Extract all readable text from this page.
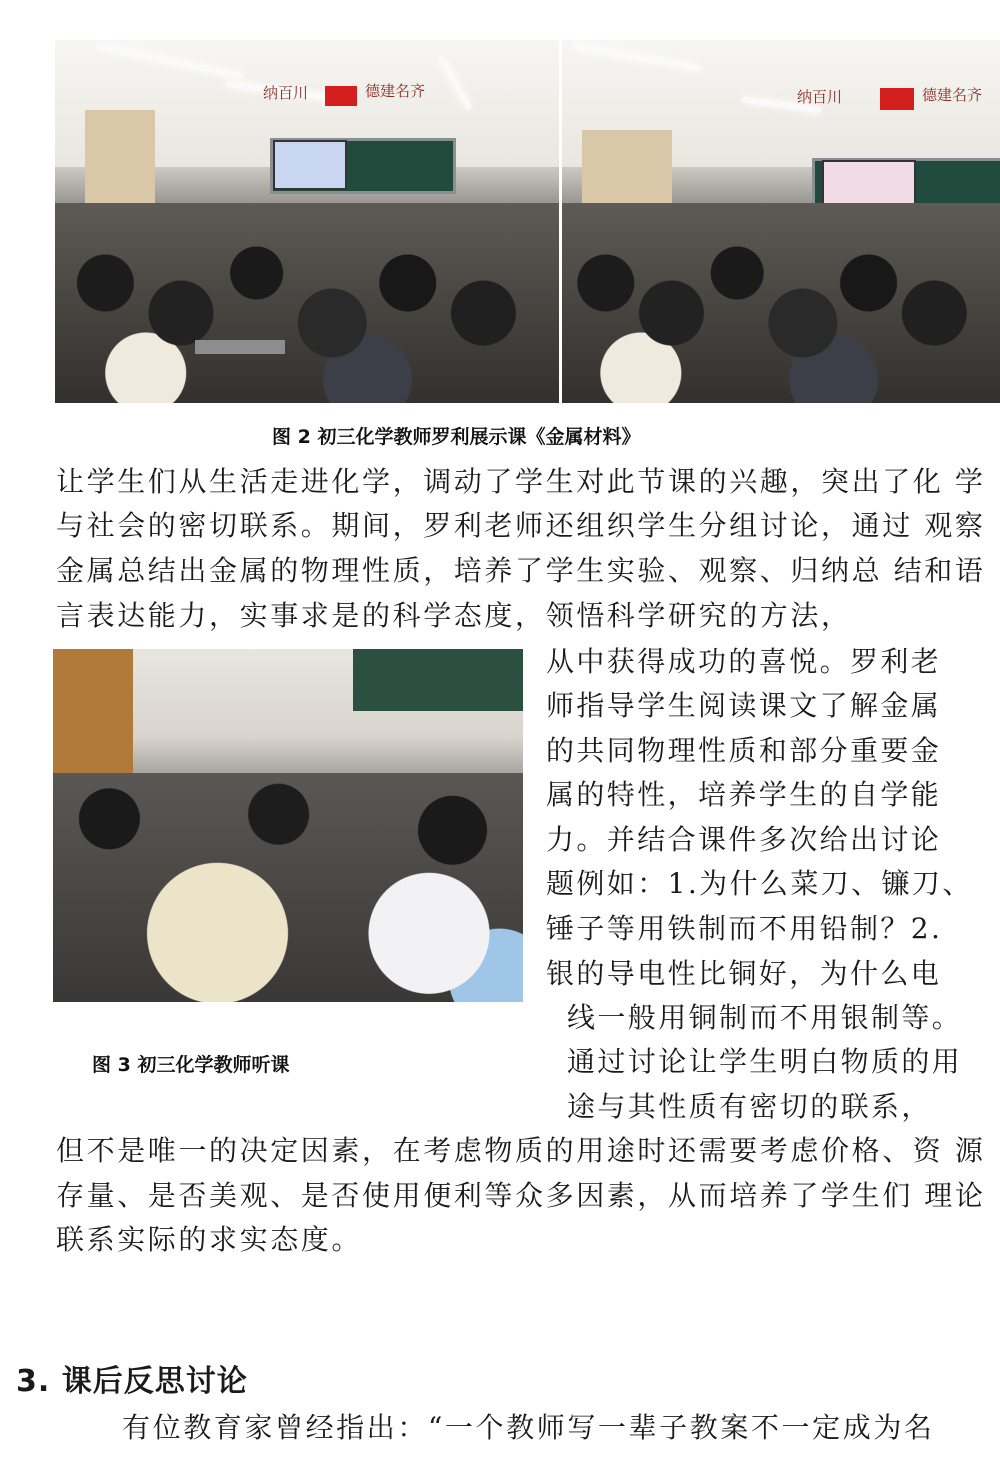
纳百川	德建名齐	纳百川	德建名齐
图 2 初三化学教师罗利展示课《金属材料》
让学生们从生活走进化学，调动了学生对此节课的兴趣，突出了化 学
与社会的密切联系。期间，罗利老师还组织学生分组讨论，通过 观察
金属总结出金属的物理性质，培养了学生实验、观察、归纳总 结和语
言表达能力，实事求是的科学态度，领悟科学研究的方法，
从中获得成功的喜悦。罗利老
师指导学生阅读课文了解金属
的共同物理性质和部分重要金
属的特性，培养学生的自学能
力。并结合课件多次给出讨论
题例如：1.为什么菜刀、镰刀、
锤子等用铁制而不用铅制？2.
银的导电性比铜好，为什么电
线一般用铜制而不用银制等。
通过讨论让学生明白物质的用
途与其性质有密切的联系，
图 3 初三化学教师听课
但不是唯一的决定因素，在考虑物质的用途时还需要考虑价格、资 源
存量、是否美观、是否使用便利等众多因素，从而培养了学生们 理论
联系实际的求实态度。
3. 课后反思讨论
有位教育家曾经指出：“一个教师写一辈子教案不一定成为名
